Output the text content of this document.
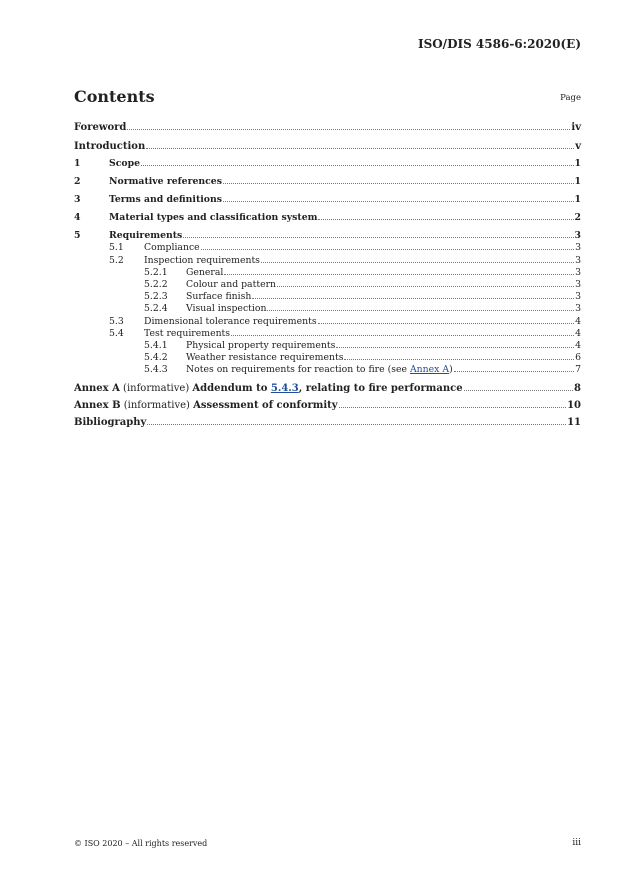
ISO/DIS 4586-6:2020(E)
Contents	Page
Foreword	iv
Introduction	v
1	Scope	1
2	Normative references	1
3	Terms and definitions	1
4	Material types and classification system	2
5	Requirements	3
5.1	Compliance	3
5.2	Inspection requirements	3
5.2.1	General	3
5.2.2	Colour and pattern	3
5.2.3	Surface finish	3
5.2.4	Visual inspection	3
5.3	Dimensional tolerance requirements	4
5.4	Test requirements	4
5.4.1	Physical property requirements	4
5.4.2	Weather resistance requirements	6
5.4.3	Notes on requirements for reaction to fire (see Annex A)	7
Annex A (informative) Addendum to 5.4.3, relating to fire performance	8
Annex B (informative) Assessment of conformity	10
Bibliography	11
© ISO 2020 – All rights reserved	iii
